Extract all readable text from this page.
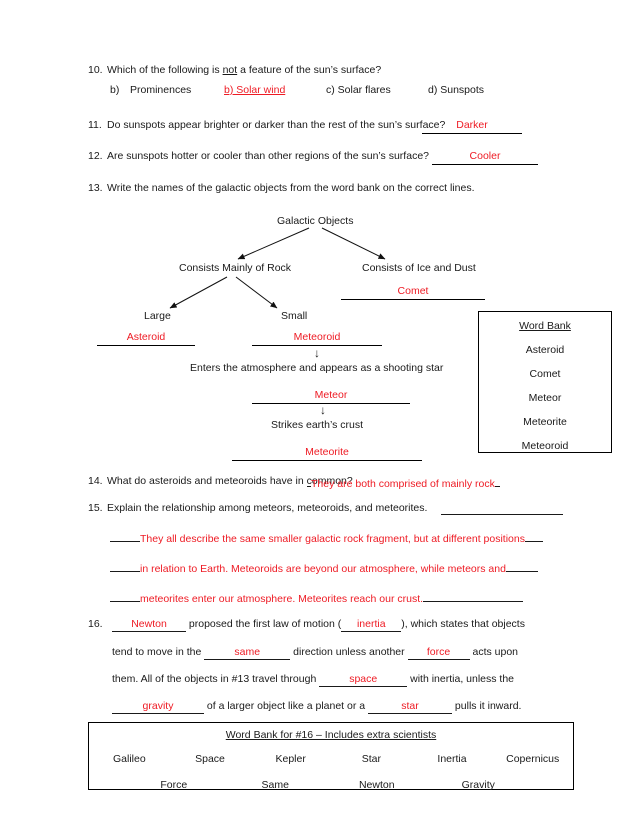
10. Which of the following is not a feature of the sun’s surface?
b) Prominences	b) Solar wind	c) Solar flares	d) Sunspots
11. Do sunspots appear brighter or darker than the rest of the sun’s surface?	Darker
12. Are sunspots hotter or cooler than other regions of the sun’s surface?	Cooler
13. Write the names of the galactic objects from the word bank on the correct lines.
Galactic Objects
Consists Mainly of Rock	Consists of Ice and Dust
Comet
Large	Small
Asteroid	Meteoroid
↓
Enters the atmosphere and appears as a shooting star
Meteor
↓
Strikes earth’s crust
Meteorite
Word Bank
Asteroid
Comet
Meteor
Meteorite
Meteoroid
14. What do asteroids and meteoroids have in common?
They are both comprised of mainly rock
15. Explain the relationship among meteors, meteoroids, and meteorites.
They all describe the same smaller galactic rock fragment, but at different positions
in relation to Earth. Meteoroids are beyond our atmosphere, while meteors and
meteorites enter our atmosphere. Meteorites reach our crust.
16.	Newton proposed the first law of motion ( inertia ), which states that objects
tend to move in the	same	direction unless another force acts upon
them. All of the objects in #13 travel through	space	with inertia, unless the
gravity	of a larger object like a planet or a	star	pulls it inward.
Word Bank for #16 – Includes extra scientists
Galileo	Space	Kepler	Star	Inertia	Copernicus
Force	Same	Newton	Gravity
